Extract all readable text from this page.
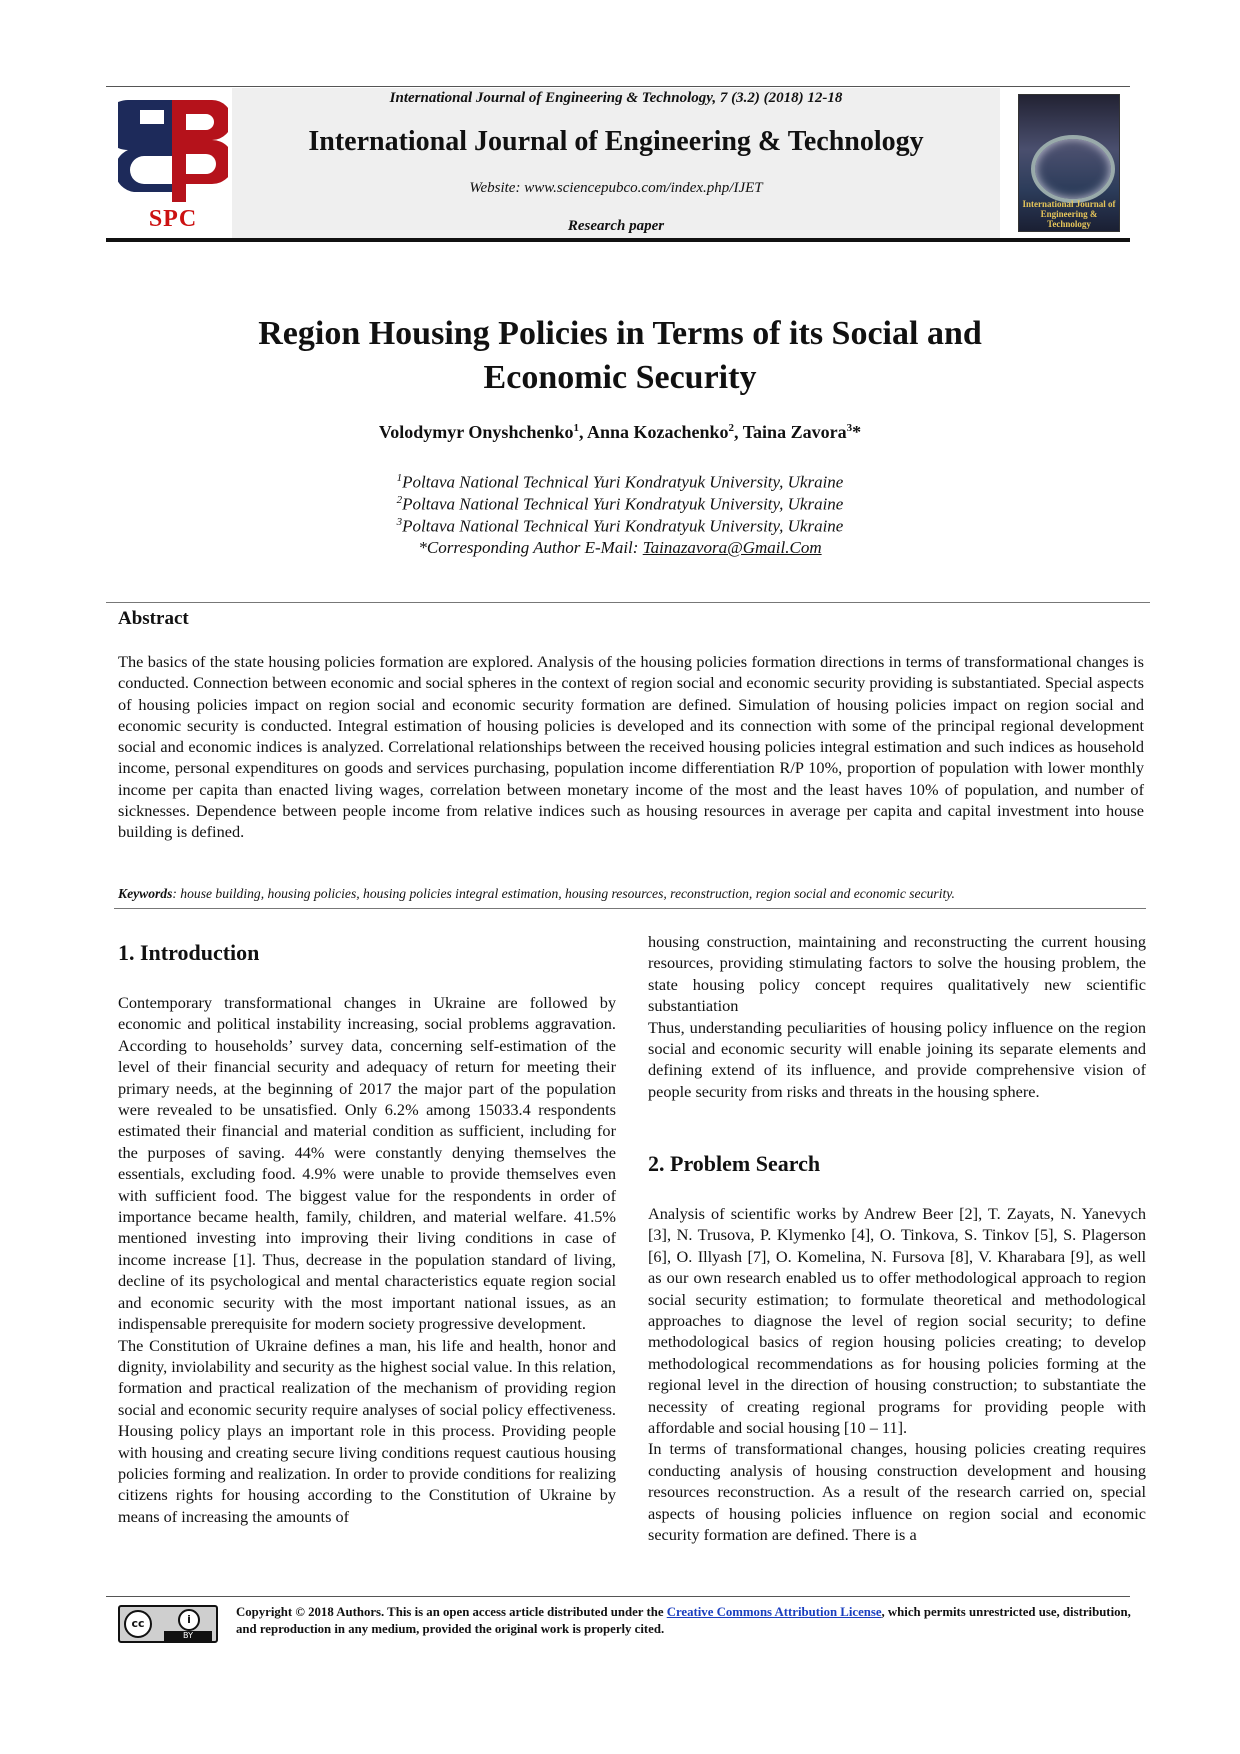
SPC
International Journal of Engineering & Technology, 7 (3.2) (2018) 12-18
International Journal of Engineering & Technology
Website: www.sciencepubco.com/index.php/IJET
Research paper
International Journal of Engineering & Technology
Region Housing Policies in Terms of its Social and
Economic Security
Volodymyr Onyshchenko$^1$, Anna Kozachenko$^2$, Taina Zavora$^3$*
$^1$Poltava National Technical Yuri Kondratyuk University, Ukraine
$^2$Poltava National Technical Yuri Kondratyuk University, Ukraine
$^3$Poltava National Technical Yuri Kondratyuk University, Ukraine
*Corresponding Author E-Mail: Tainazavora@Gmail.Com
Abstract
The basics of the state housing policies formation are explored. Analysis of the housing policies formation directions in terms of transformational changes is conducted. Connection between economic and social spheres in the context of region social and economic security providing is substantiated. Special aspects of housing policies impact on region social and economic security formation are defined. Simulation of housing policies impact on region social and economic security is conducted. Integral estimation of housing policies is developed and its connection with some of the principal regional development social and economic indices is analyzed. Correlational relationships between the received housing policies integral estimation and such indices as household income, personal expenditures on goods and services purchasing, population income differentiation R/P 10%, proportion of population with lower monthly income per capita than enacted living wages, correlation between monetary income of the most and the least haves 10% of population, and number of sicknesses. Dependence between people income from relative indices such as housing resources in average per capita and capital investment into house building is defined.
Keywords: house building, housing policies, housing policies integral estimation, housing resources, reconstruction, region social and economic security.
1. Introduction

Contemporary transformational changes in Ukraine are followed by economic and political instability increasing, social problems aggravation. According to households’ survey data, concerning self-estimation of the level of their financial security and adequacy of return for meeting their primary needs, at the beginning of 2017 the major part of the population were revealed to be unsatisfied. Only 6.2% among 15033.4 respondents estimated their financial and material condition as sufficient, including for the purposes of saving. 44% were constantly denying themselves the essentials, excluding food. 4.9% were unable to provide themselves even with sufficient food. The biggest value for the respondents in order of importance became health, family, children, and material welfare. 41.5% mentioned investing into improving their living conditions in case of income increase [1]. Thus, decrease in the population standard of living, decline of its psychological and mental characteristics equate region social and economic security with the most important national issues, as an indispensable prerequisite for modern society progressive development.

The Constitution of Ukraine defines a man, his life and health, honor and dignity, inviolability and security as the highest social value. In this relation, formation and practical realization of the mechanism of providing region social and economic security require analyses of social policy effectiveness. Housing policy plays an important role in this process. Providing people with housing and creating secure living conditions request cautious housing policies forming and realization. In order to provide conditions for realizing citizens rights for housing according to the Constitution of Ukraine by means of increasing the amounts of

housing construction, maintaining and reconstructing the current housing resources, providing stimulating factors to solve the housing problem, the state housing policy concept requires qualitatively new scientific substantiation

Thus, understanding peculiarities of housing policy influence on the region social and economic security will enable joining its separate elements and defining extend of its influence, and provide comprehensive vision of people security from risks and threats in the housing sphere.

2. Problem Search

Analysis of scientific works by Andrew Beer [2], T. Zayats, N. Yanevych [3], N. Trusova, P. Klymenko [4], O. Tinkova, S. Tinkov [5], S. Plagerson [6], O. Illyash [7], O. Komelina, N. Fursova [8], V. Kharabara [9], as well as our own research enabled us to offer methodological approach to region social security estimation; to formulate theoretical and methodological approaches to diagnose the level of region social security; to define methodological basics of region housing policies creating; to develop methodological recommendations as for housing policies forming at the regional level in the direction of housing construction; to substantiate the necessity of creating regional programs for providing people with affordable and social housing [10 – 11].

In terms of transformational changes, housing policies creating requires conducting analysis of housing construction development and housing resources reconstruction. As a result of the research carried on, special aspects of housing policies influence on region social and economic security formation are defined. There is a

cc	i
BY
Copyright © 2018 Authors. This is an open access article distributed under the Creative Commons Attribution License, which permits unrestricted use, distribution, and reproduction in any medium, provided the original work is properly cited.
